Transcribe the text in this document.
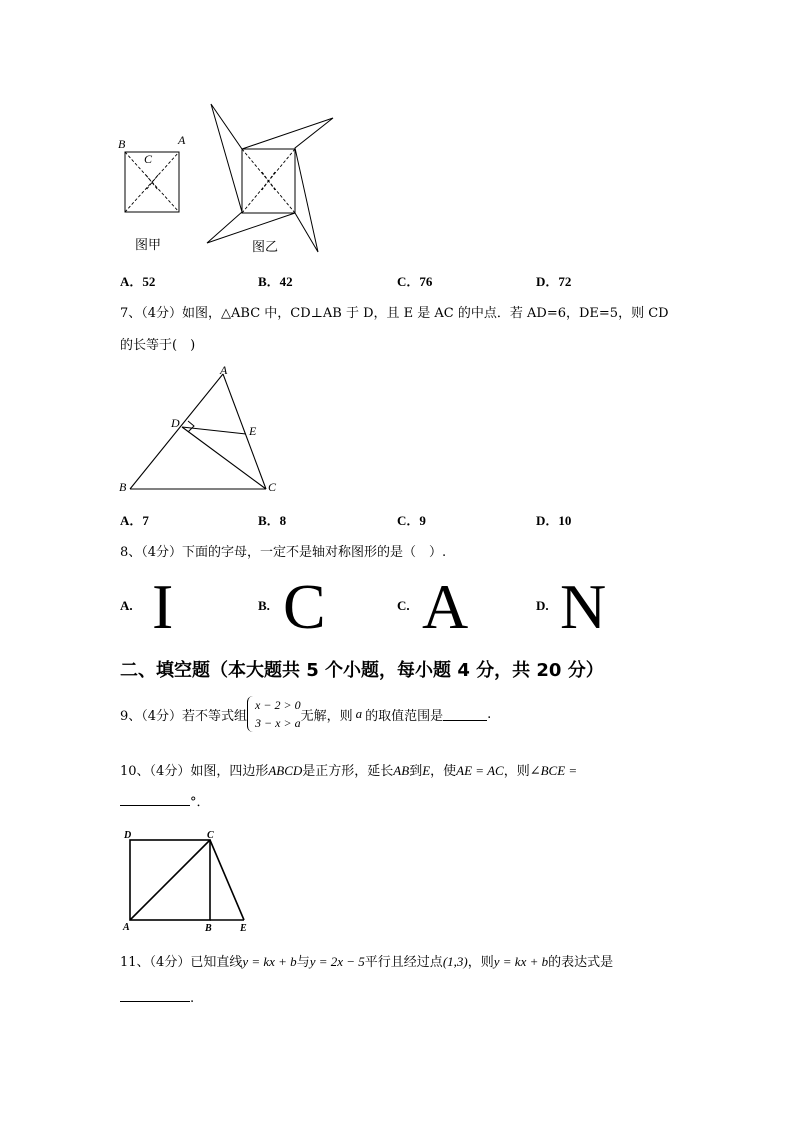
B	A
C
图甲	图乙
A．52	B．42	C．76	D．72
7、（4分）如图，△ABC 中，CD⊥AB 于 D，且 E 是 AC 的中点．若 AD=6，DE=5，则 CD
的长等于(　)
A
B	C
D
E
A．7	B．8	C．9	D．10
8、（4分）下面的字母，一定不是轴对称图形的是（　）.
A. I	B. C	C. A	D. N
二、填空题（本大题共 5 个小题，每小题 4 分，共 20 分）
9、（4分）若不等式组
x − 2 > 0
3 − x > a 无解，则 a 的取值范围是	.
10、（4分）如图，四边形ABCD是正方形，延长AB到E，使AE = AC，则∠BCE =
°．
D	C
A	B	E
11、（4分）已知直线y = kx + b与y = 2x − 5平行且经过点(1,3)，则y = kx + b的表达式是
.
